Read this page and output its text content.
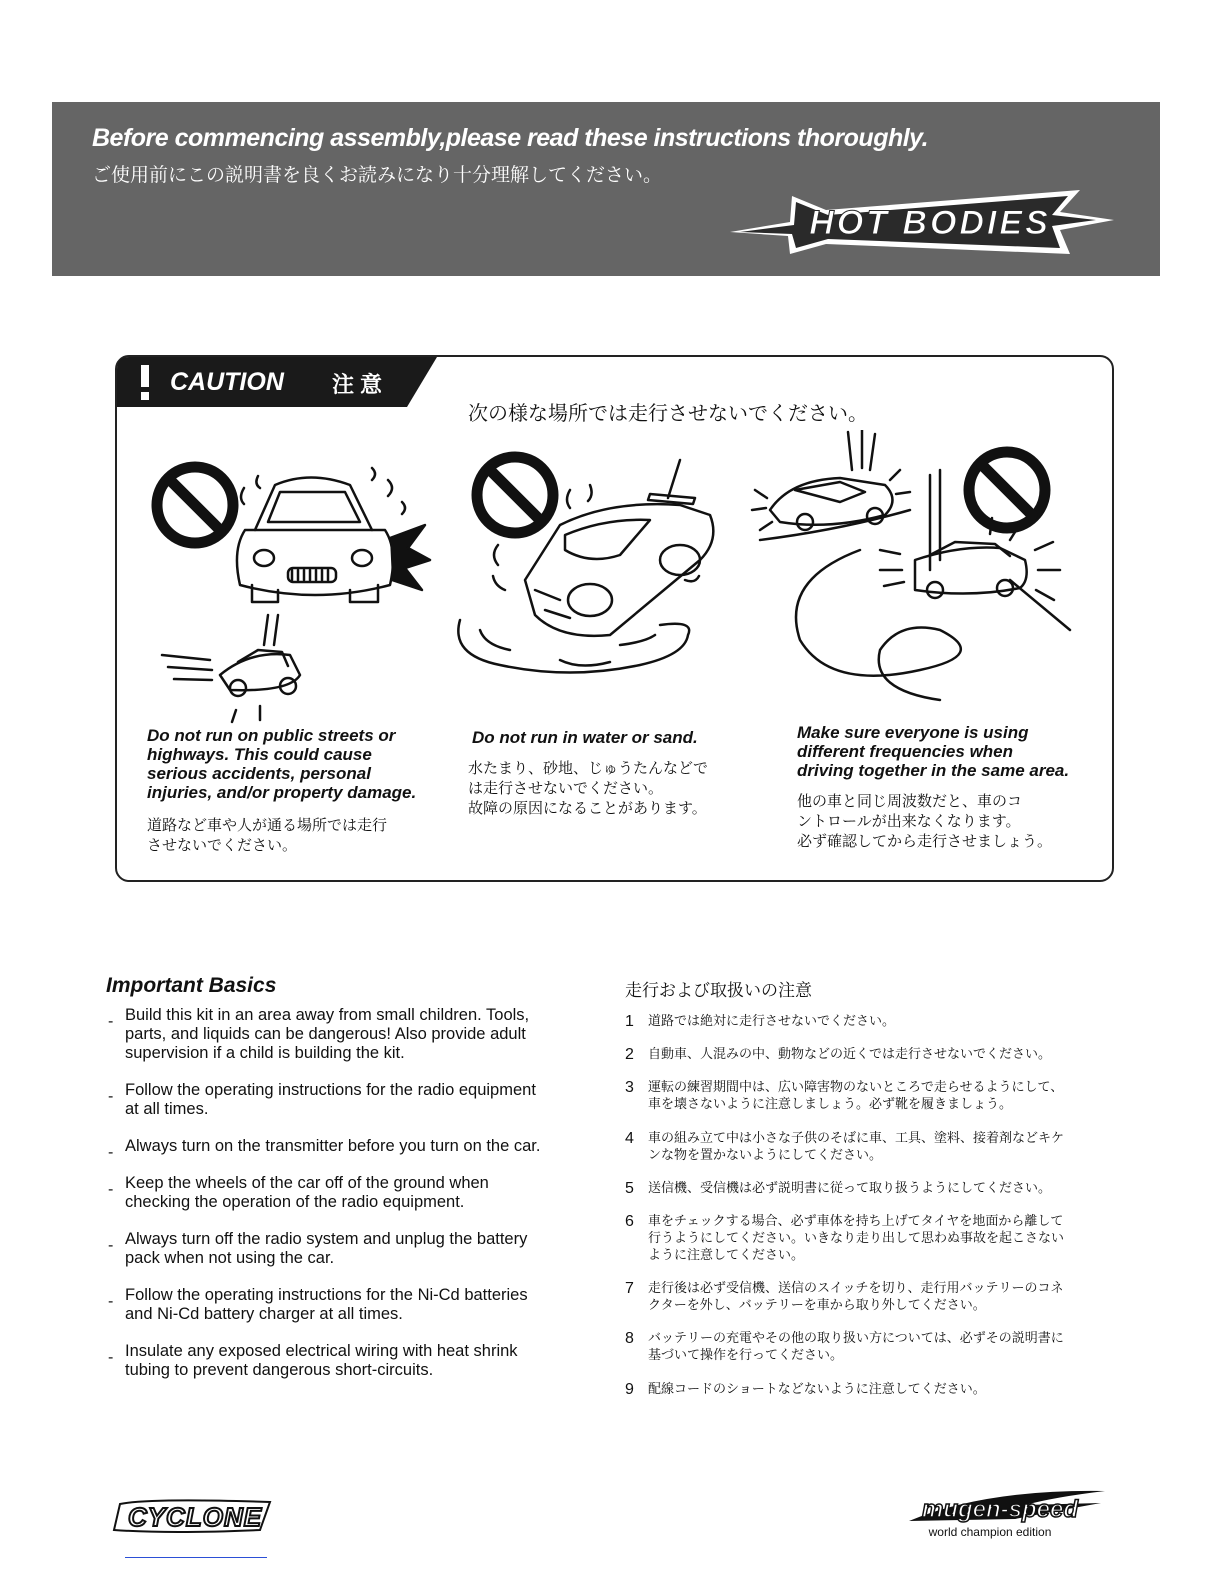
Before commencing assembly,please read these instructions thoroughly.
ご使用前にこの説明書を良くお読みになり十分理解してください。
HOT BODIES
CAUTION 注意
次の様な場所では走行させないでください。
Do not run on public streets or
highways. This could cause
serious accidents, personal
injuries, and/or property damage.
道路など車や人が通る場所では走行
させないでください。
Do not run in water or sand.
水たまり、砂地、じゅうたんなどで
は走行させないでください。
故障の原因になることがあります。
Make sure everyone is using
different frequencies when
driving together in the same area.
他の車と同じ周波数だと、車のコ
ントロールが出来なくなります。
必ず確認してから走行させましょう。
Important Basics
- Build this kit in an area away from small children. Tools,
parts, and liquids can be dangerous! Also provide adult
supervision if a child is building the kit.
- Follow the operating instructions for the radio equipment
at all times.
- Always turn on the transmitter before you turn on the car.
- Keep the wheels of the car off of the ground when
checking the operation of the radio equipment.
- Always turn off the radio system and unplug the battery
pack when not using the car.
- Follow the operating instructions for the Ni-Cd batteries
and Ni-Cd battery charger at all times.
- Insulate any exposed electrical wiring with heat shrink
tubing to prevent dangerous short-circuits.
走行および取扱いの注意
1 道路では絶対に走行させないでください。
2 自動車、人混みの中、動物などの近くでは走行させないでください。
3 運転の練習期間中は、広い障害物のないところで走らせるようにして、
車を壊さないように注意しましょう。必ず靴を履きましょう。
4 車の組み立て中は小さな子供のそばに車、工具、塗料、接着剤などキケ
ンな物を置かないようにしてください。
5 送信機、受信機は必ず説明書に従って取り扱うようにしてください。
6 車をチェックする場合、必ず車体を持ち上げてタイヤを地面から離して
行うようにしてください。いきなり走り出して思わぬ事故を起こさない
ように注意してください。
7 走行後は必ず受信機、送信のスイッチを切り、走行用バッテリーのコネ
クターを外し、バッテリーを車から取り外してください。
8 バッテリーの充電やその他の取り扱い方については、必ずその説明書に
基づいて操作を行ってください。
9 配線コードのショートなどないように注意してください。
CYCLONE	mugen-speed
world champion edition
